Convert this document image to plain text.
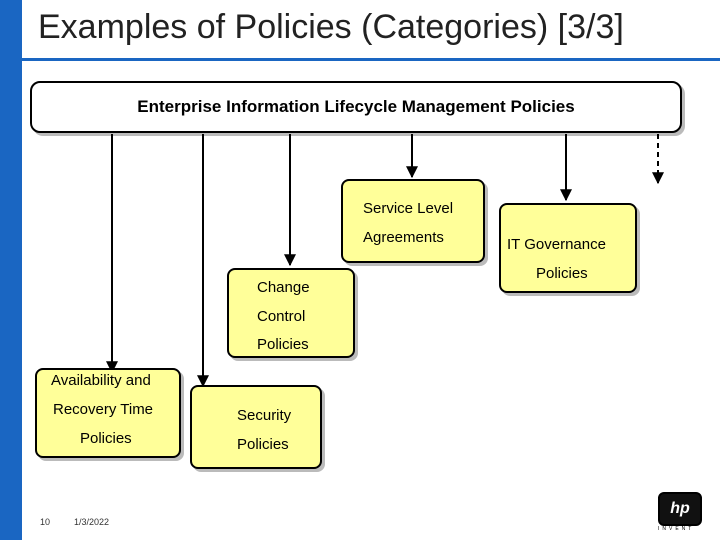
Examples of Policies (Categories) [3/3]
Enterprise Information Lifecycle Management Policies
Availability and
Recovery Time
Policies
Security
Policies
Change
Control
Policies
Service Level
Agreements	IT Governance
Policies
10	1/3/2022
hp
INVENT
